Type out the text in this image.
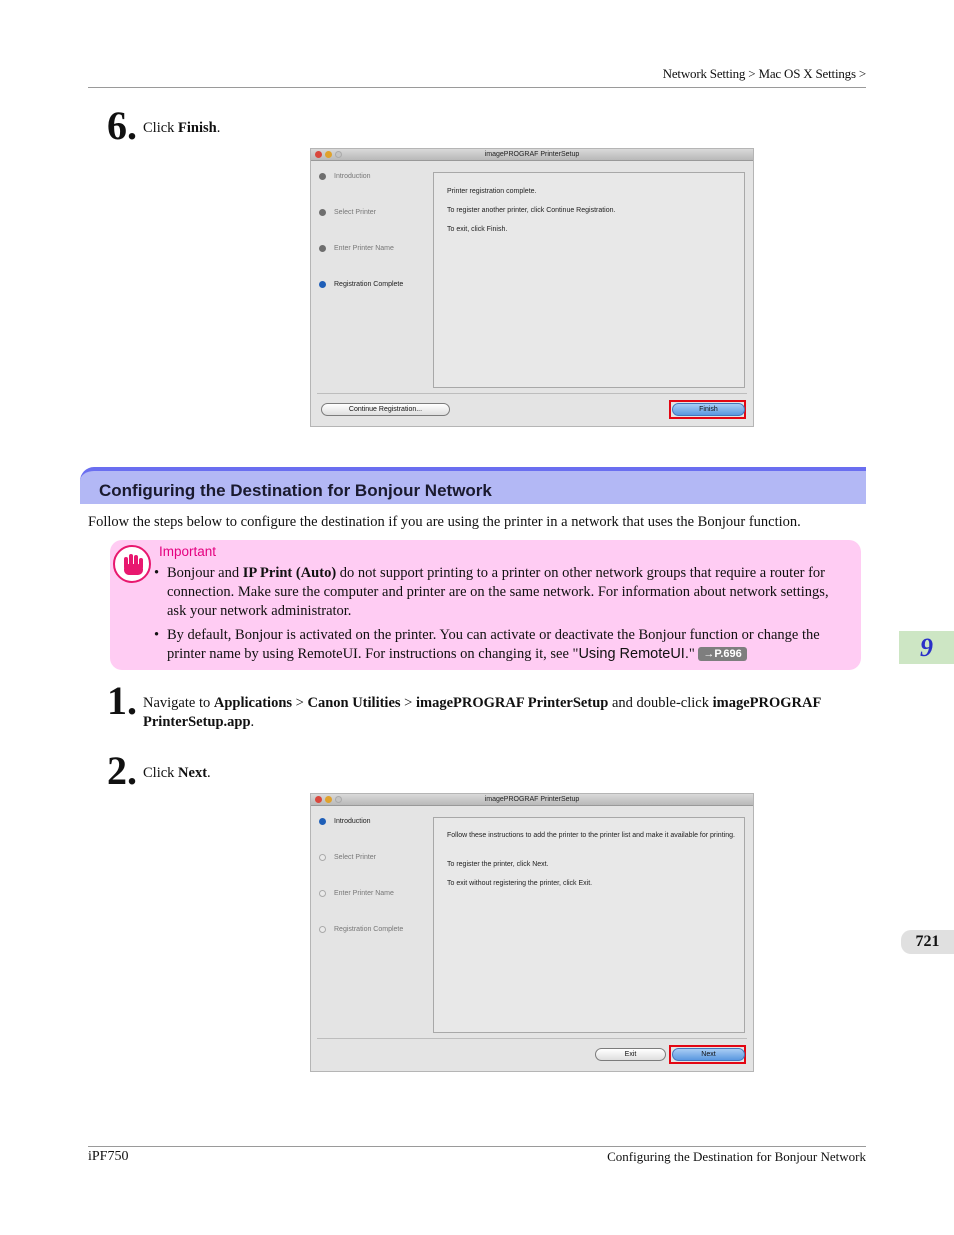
Network Setting > Mac OS X Settings >
6. Click Finish.
imagePROGRAF PrinterSetup
Introduction
Select Printer
Enter Printer Name
Registration Complete

Printer registration complete.

To register another printer, click Continue Registration.

To exit, click Finish.

Continue Registration...	Finish
Configuring the Destination for Bonjour Network
Follow the steps below to configure the destination if you are using the printer in a network that uses the Bonjour function.
Important
• Bonjour and IP Print (Auto) do not support printing to a printer on other network groups that require a router for connection. Make sure the computer and printer are on the same network. For information about network settings, ask your network administrator.
• By default, Bonjour is activated on the printer. You can activate or deactivate the Bonjour function or change the printer name by using RemoteUI. For instructions on changing it, see "Using RemoteUI." →P.696
1. Navigate to Applications > Canon Utilities > imagePROGRAF PrinterSetup and double-click imagePROGRAF PrinterSetup.app.
2. Click Next.
imagePROGRAF PrinterSetup
Introduction
Select Printer
Enter Printer Name
Registration Complete

Follow these instructions to add the printer to the printer list and make it available for printing.

To register the printer, click Next.

To exit without registering the printer, click Exit.

Exit	Next
9
721
iPF750	Configuring the Destination for Bonjour Network
